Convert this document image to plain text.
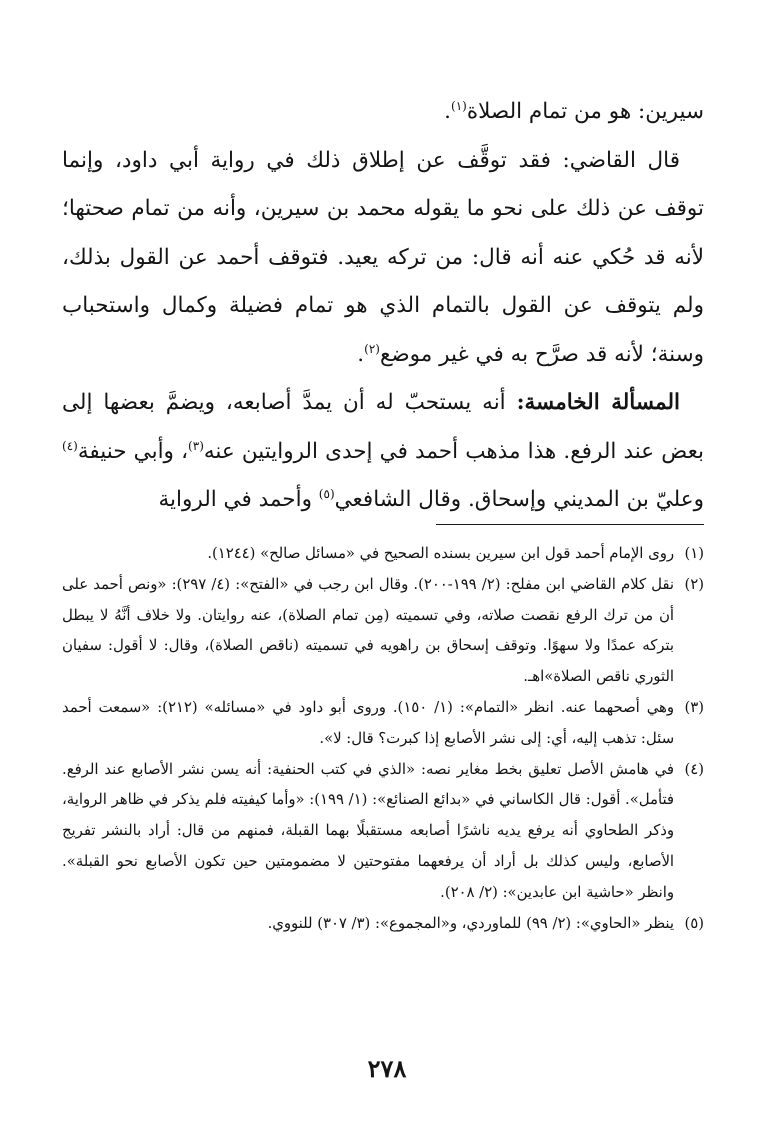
سيرين: هو من تمام الصلاة$^{(١)}$.

قال القاضي: فقد توقَّف عن إطلاق ذلك في رواية أبي داود، وإنما توقف عن ذلك على نحو ما يقوله محمد بن سيرين، وأنه من تمام صحتها؛ لأنه قد حُكي عنه أنه قال: من تركه يعيد. فتوقف أحمد عن القول بذلك، ولم يتوقف عن القول بالتمام الذي هو تمام فضيلة وكمال واستحباب وسنة؛ لأنه قد صرَّح به في غير موضع$^{(٢)}$.

المسألة الخامسة: أنه يستحبّ له أن يمدَّ أصابعه، ويضمَّ بعضها إلى بعض عند الرفع. هذا مذهب أحمد في إحدى الروايتين عنه$^{(٣)}$، وأبي حنيفة$^{(٤)}$ وعليّ بن المديني وإسحاق. وقال الشافعي$^{(٥)}$ وأحمد في الرواية

(١)
روى الإمام أحمد قول ابن سيرين بسنده الصحيح في «مسائل صالح» (١٢٤٤).
(٢)
نقل كلام القاضي ابن مفلح: (٢/ ١٩٩-٢٠٠). وقال ابن رجب في «الفتح»: (٤/ ٢٩٧): «ونص أحمد على أن من ترك الرفع نقصت صلاته، وفي تسميته (مِن تمام الصلاة)، عنه روايتان. ولا خلاف أنَّهُ لا يبطل بتركه عمدًا ولا سهوًا. وتوقف إسحاق بن راهويه في تسميته (ناقص الصلاة)، وقال: لا أقول: سفيان الثوري ناقص الصلاة»اهـ.
(٣)
وهي أصحهما عنه. انظر «التمام»: (١/ ١٥٠). وروى أبو داود في «مسائله» (٢١٢): «سمعت أحمد سئل: تذهب إليه، أي: إلى نشر الأصابع إذا كبرت؟ قال: لا».
(٤)
في هامش الأصل تعليق بخط مغاير نصه: «الذي في كتب الحنفية: أنه يسن نشر الأصابع عند الرفع. فتأمل». أقول: قال الكاساني في «بدائع الصنائع»: (١/ ١٩٩): «وأما كيفيته فلم يذكر في ظاهر الرواية، وذكر الطحاوي أنه يرفع يديه ناشرًا أصابعه مستقبلًا بهما القبلة، فمنهم من قال: أراد بالنشر تفريج الأصابع، وليس كذلك بل أراد أن يرفعهما مفتوحتين لا مضمومتين حين تكون الأصابع نحو القبلة». وانظر «حاشية ابن عابدين»: (٢/ ٢٠٨).
(٥)
ينظر «الحاوي»: (٢/ ٩٩) للماوردي، و«المجموع»: (٣/ ٣٠٧) للنووي.
٢٧٨
